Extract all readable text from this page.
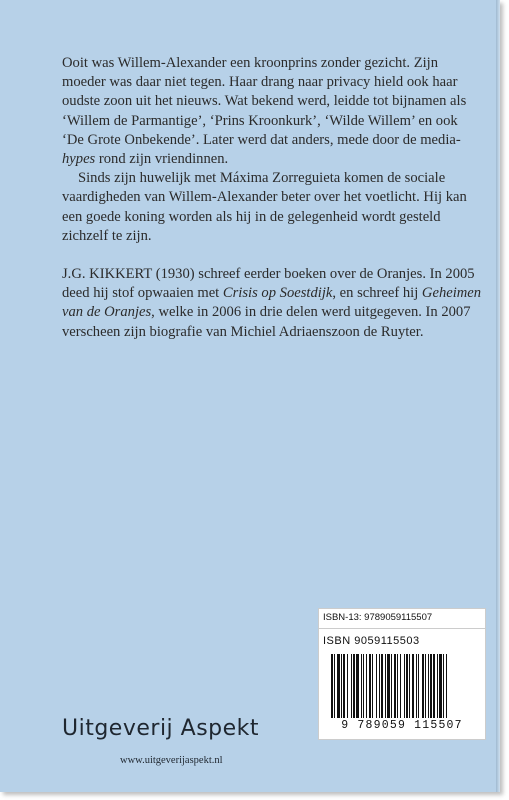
Ooit was Willem-Alexander een kroonprins zonder gezicht. Zijn moeder was daar niet tegen. Haar drang naar privacy hield ook haar oudste zoon uit het nieuws. Wat bekend werd, leidde tot bijnamen als ‘Willem de Parmantige’, ‘Prins Kroonkurk’, ‘Wilde Willem’ en ook ‘De Grote Onbekende’. Later werd dat anders, mede door de media-hypes rond zijn vriendinnen.

Sinds zijn huwelijk met Máxima Zorreguieta komen de sociale vaardigheden van Willem-Alexander beter over het voetlicht. Hij kan een goede koning worden als hij in de gelegenheid wordt gesteld zichzelf te zijn.

J.G. KIKKERT (1930) schreef eerder boeken over de Oranjes. In 2005 deed hij stof opwaaien met Crisis op Soestdijk, en schreef hij Geheimen van de Oranjes, welke in 2006 in drie delen werd uitgegeven. In 2007 verscheen zijn biografie van Michiel Adriaenszoon de Ruyter.

ISBN-13: 9789059115507
ISBN 9059115503
9 789059 115507
Uitgeverij Aspekt
www.uitgeverijaspekt.nl
